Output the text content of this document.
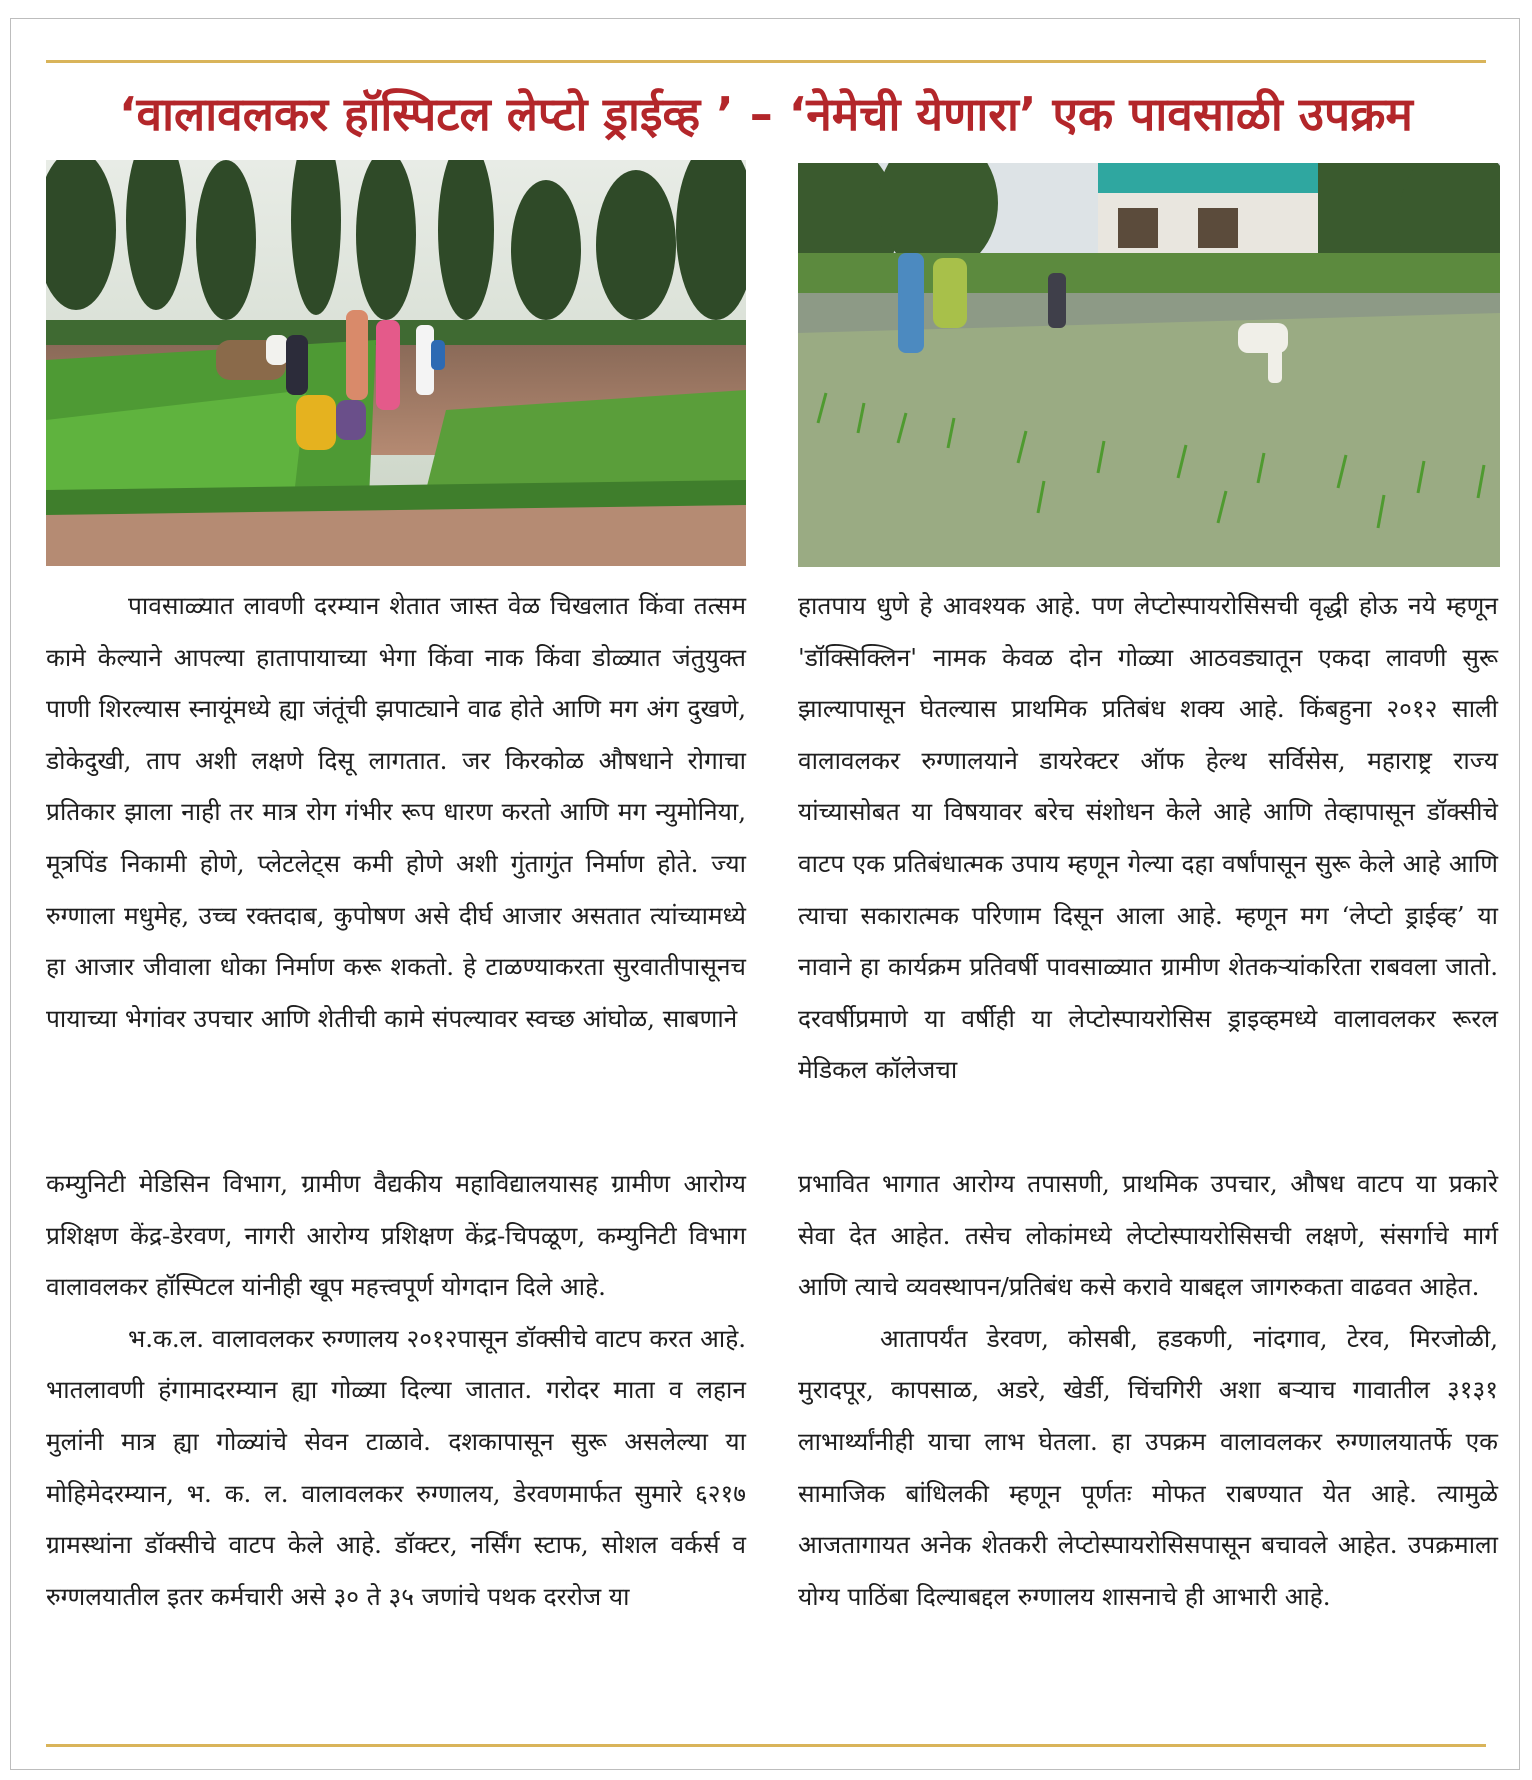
‘वालावलकर हॉस्पिटल लेप्टो ड्राईव्ह ’ – ‘नेमेची येणारा’ एक पावसाळी उपक्रम

पावसाळ्यात लावणी दरम्यान शेतात जास्त वेळ चिखलात किंवा तत्सम कामे केल्याने आपल्या हातापायाच्या भेगा किंवा नाक किंवा डोळ्यात जंतुयुक्त पाणी शिरल्यास स्नायूंमध्ये ह्या जंतूंची झपाट्याने वाढ होते आणि मग अंग दुखणे, डोकेदुखी, ताप अशी लक्षणे दिसू लागतात. जर किरकोळ औषधाने रोगाचा प्रतिकार झाला नाही तर मात्र रोग गंभीर रूप धारण करतो आणि मग न्युमोनिया, मूत्रपिंड निकामी होणे, प्लेटलेट्स कमी होणे अशी गुंतागुंत निर्माण होते. ज्या रुग्णाला मधुमेह, उच्च रक्तदाब, कुपोषण असे दीर्घ आजार असतात त्यांच्यामध्ये हा आजार जीवाला धोका निर्माण करू शकतो. हे टाळण्याकरता सुरवातीपासूनच पायाच्या भेगांवर उपचार आणि शेतीची कामे संपल्यावर स्वच्छ आंघोळ, साबणाने

हातपाय धुणे हे आवश्यक आहे. पण लेप्टोस्पायरोसिसची वृद्धी होऊ नये म्हणून 'डॉक्सिक्लिन' नामक केवळ दोन गोळ्या आठवड्यातून एकदा लावणी सुरू झाल्यापासून घेतल्यास प्राथमिक प्रतिबंध शक्य आहे. किंबहुना २०१२ साली वालावलकर रुग्णालयाने डायरेक्टर ऑफ हेल्थ सर्विसेस, महाराष्ट्र राज्य यांच्यासोबत या विषयावर बरेच संशोधन केले आहे आणि तेव्हापासून डॉक्सीचे वाटप एक प्रतिबंधात्मक उपाय म्हणून गेल्या दहा वर्षांपासून सुरू केले आहे आणि त्याचा सकारात्मक परिणाम दिसून आला आहे. म्हणून मग ‘लेप्टो ड्राईव्ह’ या नावाने हा कार्यक्रम प्रतिवर्षी पावसाळ्यात ग्रामीण शेतकऱ्यांकरिता राबवला जातो. दरवर्षीप्रमाणे या वर्षीही या लेप्टोस्पायरोसिस ड्राइव्हमध्ये वालावलकर रूरल मेडिकल कॉलेजचा

कम्युनिटी मेडिसिन विभाग, ग्रामीण वैद्यकीय महाविद्यालयासह ग्रामीण आरोग्य प्रशिक्षण केंद्र-डेरवण, नागरी आरोग्य प्रशिक्षण केंद्र-चिपळूण, कम्युनिटी विभाग वालावलकर हॉस्पिटल यांनीही खूप महत्त्वपूर्ण योगदान दिले आहे.

भ.क.ल. वालावलकर रुग्णालय २०१२पासून डॉक्सीचे वाटप करत आहे. भातलावणी हंगामादरम्यान ह्या गोळ्या दिल्या जातात. गरोदर माता व लहान मुलांनी मात्र ह्या गोळ्यांचे सेवन टाळावे. दशकापासून सुरू असलेल्या या मोहिमेदरम्यान, भ. क. ल. वालावलकर रुग्णालय, डेरवणमार्फत सुमारे ६२१७ ग्रामस्थांना डॉक्सीचे वाटप केले आहे. डॉक्टर, नर्सिंग स्टाफ, सोशल वर्कर्स व रुग्णलयातील इतर कर्मचारी असे ३० ते ३५ जणांचे पथक दररोज या

प्रभावित भागात आरोग्य तपासणी, प्राथमिक उपचार, औषध वाटप या प्रकारे सेवा देत आहेत. तसेच लोकांमध्ये लेप्टोस्पायरोसिसची लक्षणे, संसर्गाचे मार्ग आणि त्याचे व्यवस्थापन/प्रतिबंध कसे करावे याबद्दल जागरुकता वाढवत आहेत.

आतापर्यंत डेरवण, कोसबी, हडकणी, नांदगाव, टेरव, मिरजोळी, मुरादपूर, कापसाळ, अडरे, खेर्डी, चिंचगिरी अशा बऱ्याच गावातील ३१३१ लाभार्थ्यांनीही याचा लाभ घेतला. हा उपक्रम वालावलकर रुग्णालयातर्फे एक सामाजिक बांधिलकी म्हणून पूर्णतः मोफत राबण्यात येत आहे. त्यामुळे आजतागायत अनेक शेतकरी लेप्टोस्पायरोसिसपासून बचावले आहेत. उपक्रमाला योग्य पाठिंबा दिल्याबद्दल रुग्णालय शासनाचे ही आभारी आहे.
